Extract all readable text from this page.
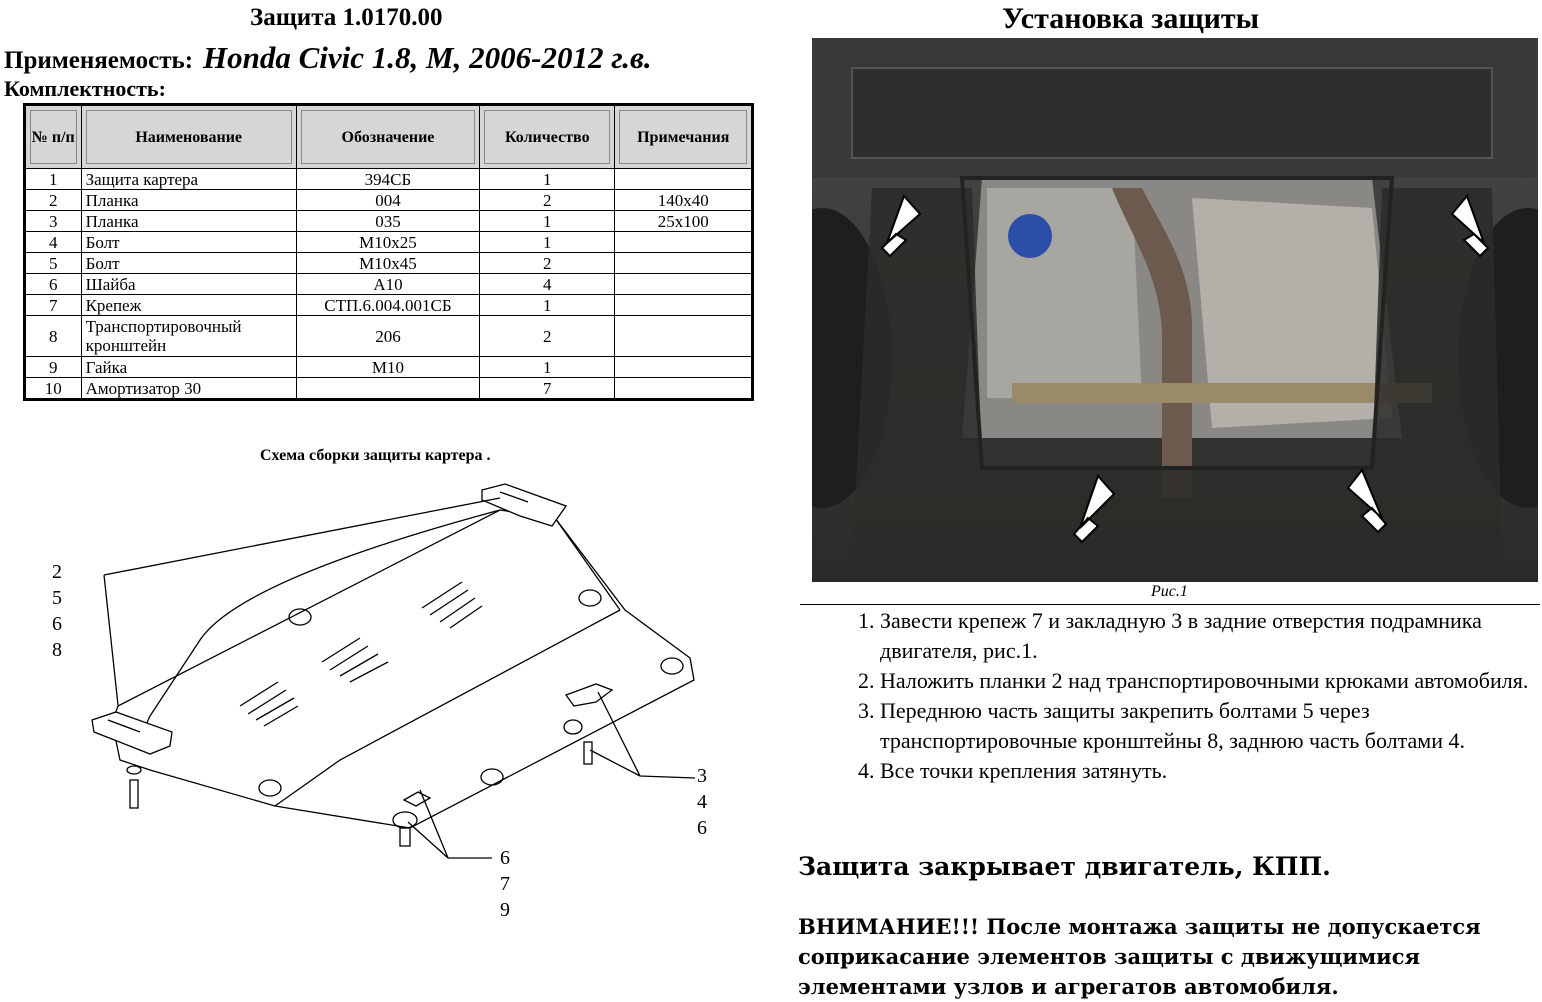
Защита 1.0170.00
Применяемость: Honda Civic 1.8, M, 2006-2012 г.в.
Комплектность:
№ п/п	Наименование	Обозначение	Количество	Примечания
1	Защита картера	394СБ	1	
2	Планка	004	2	140x40
3	Планка	035	1	25x100
4	Болт	М10x25	1	
5	Болт	М10x45	2	
6	Шайба	А10	4	
7	Крепеж	СТП.6.004.001СБ	1	
8	Транспортировочный кронштейн	206	2	
9	Гайка	М10	1	
10	Амортизатор 30		7	
Схема сборки защиты картера .
2
5
6
8
3
4
6
6
7
9
Установка защиты
Рис.1
1. Завести крепеж 7 и закладную 3 в задние отверстия подрамника двигателя, рис.1.
2. Наложить планки 2 над транспортировочными крюками автомобиля.
3. Переднюю часть защиты закрепить болтами 5 через транспортировочные кронштейны 8, заднюю часть болтами 4.
4. Все точки крепления затянуть.
Защита закрывает двигатель, КПП.
ВНИМАНИЕ!!! После монтажа защиты не допускается соприкасание элементов защиты с движущимися элементами узлов и агрегатов автомобиля.
